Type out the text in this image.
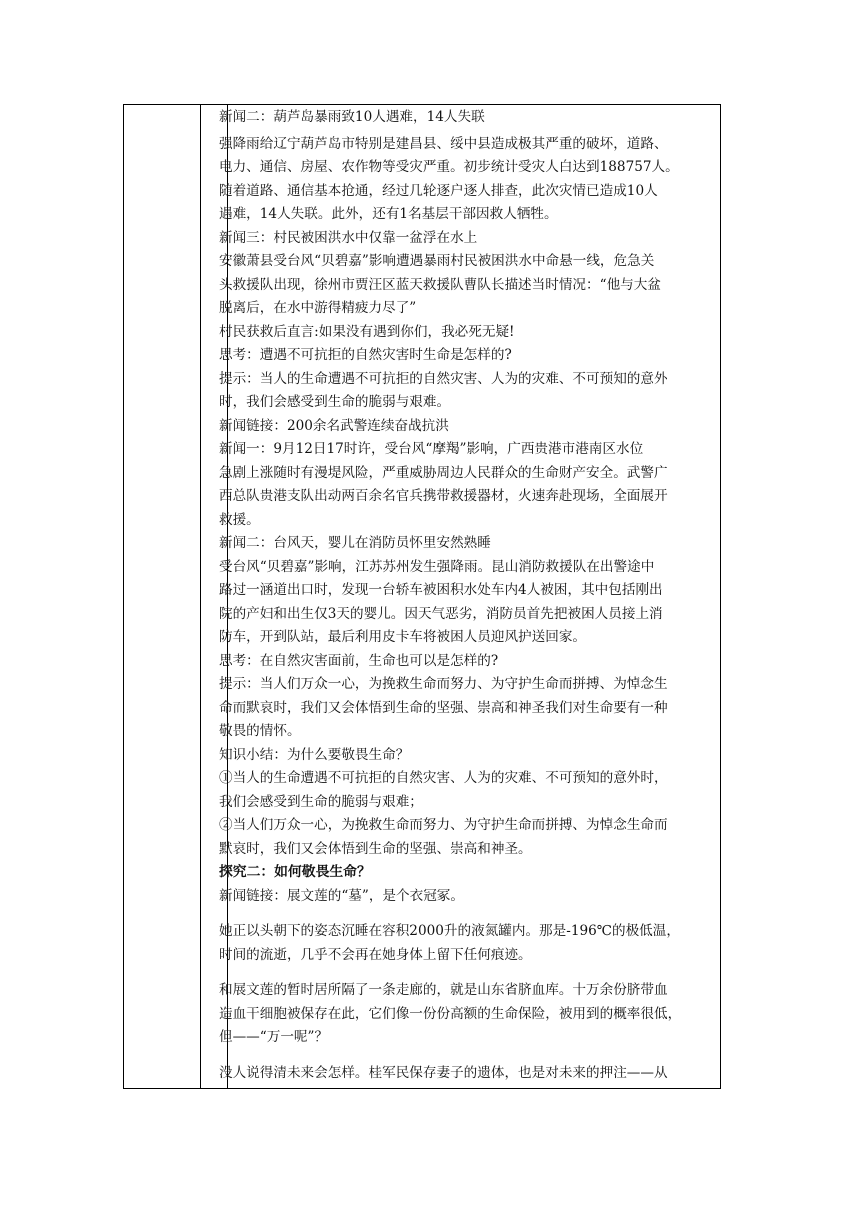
新闻二：葫芦岛暴雨致10人遇难，14人失联

强降雨给辽宁葫芦岛市特别是建昌县、绥中县造成极其严重的破坏，道路、

电力、通信、房屋、农作物等受灾严重。初步统计受灾人白达到188757人。

随着道路、通信基本抢通，经过几轮逐户逐人排查，此次灾情已造成10人

遇难，14人失联。此外，还有1名基层干部因救人牺牲。

新闻三：村民被困洪水中仅靠一盆浮在水上

安徽萧县受台风“贝碧嘉”影响遭遇暴雨村民被困洪水中命悬一线，危急关

头救援队出现，徐州市贾汪区蓝天救援队曹队长描述当时情况：“他与大盆

脱离后，在水中游得精疲力尽了”

村民获救后直言:如果没有遇到你们，我必死无疑!

思考：遭遇不可抗拒的自然灾害时生命是怎样的?

提示：当人的生命遭遇不可抗拒的自然灾害、人为的灾难、不可预知的意外

时，我们会感受到生命的脆弱与艰难。

新闻链接：200余名武警连续奋战抗洪

新闻一：9月12日17时许，受台风“摩羯”影响，广西贵港市港南区水位

急剧上涨随时有漫堤风险，严重威胁周边人民群众的生命财产安全。武警广

西总队贵港支队出动两百余名官兵携带救援器材，火速奔赴现场，全面展开

救援。

新闻二：台风天，婴儿在消防员怀里安然熟睡

受台风“贝碧嘉”影响，江苏苏州发生强降雨。昆山消防救援队在出警途中

路过一涵道出口时，发现一台轿车被困积水处车内4人被困，其中包括刚出

院的产妇和出生仅3天的婴儿。因天气恶劣，消防员首先把被困人员接上消

防车，开到队站，最后利用皮卡车将被困人员迎风护送回家。

思考：在自然灾害面前，生命也可以是怎样的?

提示：当人们万众一心，为挽救生命而努力、为守护生命而拼搏、为悼念生

命而默哀时，我们又会体悟到生命的坚强、崇高和神圣我们对生命要有一种

敬畏的情怀。

知识小结：为什么要敬畏生命？

①当人的生命遭遇不可抗拒的自然灾害、人为的灾难、不可预知的意外时，

我们会感受到生命的脆弱与艰难；

②当人们万众一心，为挽救生命而努力、为守护生命而拼搏、为悼念生命而

默哀时，我们又会体悟到生命的坚强、崇高和神圣。

探究二：如何敬畏生命？

新闻链接：展文莲的“墓”，是个衣冠冢。

她正以头朝下的姿态沉睡在容积2000升的液氮罐内。那是-196℃的极低温，

时间的流逝，几乎不会再在她身体上留下任何痕迹。

和展文莲的暂时居所隔了一条走廊的，就是山东省脐血库。十万余份脐带血

造血干细胞被保存在此，它们像一份份高额的生命保险，被用到的概率很低，

但——“万一呢”？

没人说得清未来会怎样。桂军民保存妻子的遗体，也是对未来的押注——从
